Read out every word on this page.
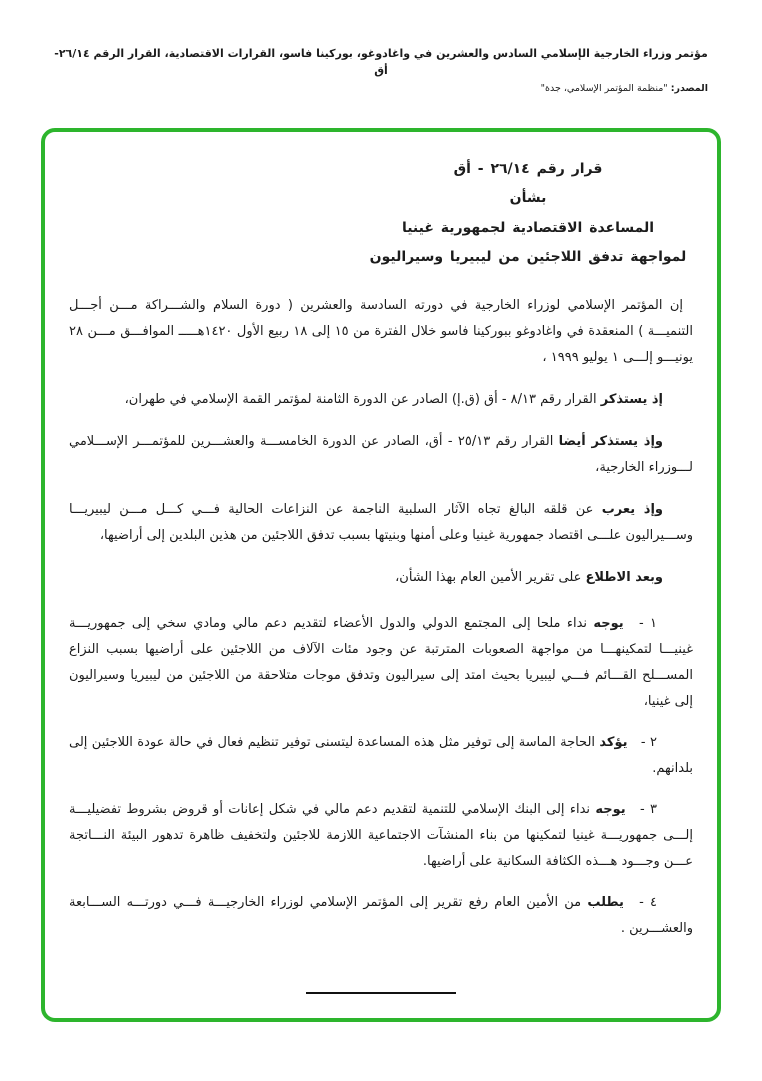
مؤتمر وزراء الخارجية الإسلامي السادس والعشرين في واغادوغو، بوركينا فاسو، القرارات الاقتصادية، القرار الرقم ٢٦/١٤-أق
المصدر: "منظمة المؤتمر الإسلامي، جدة"
قرار رقم ٢٦/١٤ - أق
بشأن
المساعدة الاقتصادية لجمهورية غينيا
لمواجهة تدفق اللاجئين من ليبيريا وسيراليون

إن المؤتمر الإسلامي لوزراء الخارجية في دورته السادسة والعشرين ( دورة السلام والشـــراكة مـــن أجـــل التنميـــة ) المنعقدة في واغادوغو ببوركينا فاسو خلال الفترة من ١٥ إلى ١٨ ربيع الأول ١٤٢٠هـــــ الموافـــق مـــن ٢٨ يونيـــو إلـــى ١ يوليو ١٩٩٩ ،

إذ يستذكر القرار رقم ٨/١٣ - أق (ق.إ) الصادر عن الدورة الثامنة لمؤتمر القمة الإسلامي في طهران،

وإذ يستذكر أيضا القرار رقم ٢٥/١٣ - أق، الصادر عن الدورة الخامســـة والعشـــرين للمؤتمـــر الإســـلامي لـــوزراء الخارجية،

وإذ يعرب عن قلقه البالغ تجاه الآثار السلبية الناجمة عن النزاعات الحالية فـــي كـــل مـــن ليبيريـــا وســـيراليون علـــى اقتصاد جمهورية غينيا وعلى أمنها وبنيتها بسبب تدفق اللاجئين من هذين البلدين إلى أراضيها،

وبعد الاطلاع على تقرير الأمين العام بهذا الشأن،

١ - يوجه نداء ملحا إلى المجتمع الدولي والدول الأعضاء لتقديم دعم مالي ومادي سخي إلى جمهوريـــة غينيـــا لتمكينهـــا من مواجهة الصعوبات المترتبة عن وجود مئات الآلاف من اللاجئين على أراضيها بسبب النزاع المســـلح القـــائم فـــي ليبيريا بحيث امتد إلى سيراليون وتدفق موجات متلاحقة من اللاجئين من ليبيريا وسيراليون إلى غينيا،

٢ - يؤكد الحاجة الماسة إلى توفير مثل هذه المساعدة ليتسنى توفير تنظيم فعال في حالة عودة اللاجئين إلى بلدانهم.

٣ - يوجه نداء إلى البنك الإسلامي للتنمية لتقديم دعم مالي في شكل إعانات أو قروض بشروط تفضيليـــة إلـــى جمهوريـــة غينيا لتمكينها من بناء المنشآت الاجتماعية اللازمة للاجئين ولتخفيف ظاهرة تدهور البيئة النـــاتجة عـــن وجـــود هـــذه الكثافة السكانية على أراضيها.

٤ - يطلب من الأمين العام رفع تقرير إلى المؤتمر الإسلامي لوزراء الخارجيـــة فـــي دورتـــه الســـابعة والعشـــرين .
